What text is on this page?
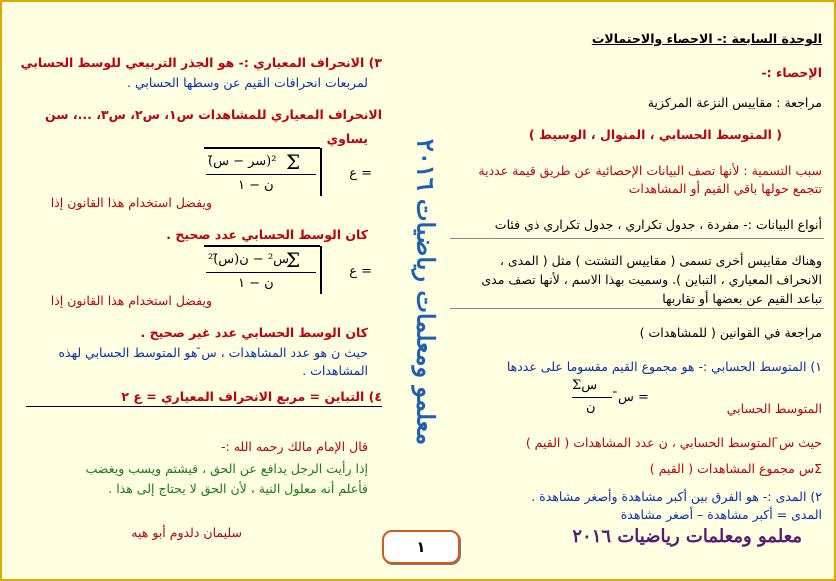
الوحدة السابعة :- الاحصاء والاحتمالات
الإحصاء :-
مراجعة : مقاييس النزعة المركزية
( المتوسط الحسابي ، المنوال ، الوسيط )
سبب التسمية : لأنها تصف البيانات الإحصائية عن طريق قيمة عددية
تتجمع حولها باقي القيم أو المشاهدات
أنواع البيانات :- مفردة ، جدول تكراري ، جدول تكراري ذي فئات
وهناك مقاييس أخرى تسمى ( مقاييس التشتت ) مثل ( المدى ،
الانحراف المعياري ، التباين ). وسميت بهذا الاسم ، لأنها تصف مدى
تباعد القيم عن بعضها أو تقاربها
مراجعة في القوانين ( للمشاهدات )
١) المتوسط الحسابي :- هو مجموع القيم مقسوما على عددها
المتوسط الحسابي
حيث س̄ المتوسط الحسابي ، ن عدد المشاهدات ( القيم )
Σس مجموع المشاهدات ( القيم )
٢) المدى :- هو الفرق بين أكبر مشاهدة وأصغر مشاهدة .
المدى = أكبر مشاهدة – أصغر مشاهدة
معلمو ومعلمات رياضيات ٢٠١٦
س̄ =
Σس
ن
٣) الانحراف المعياري :- هو الجذر التربيعي للوسط الحسابي
لمربعات انحرافات القيم عن وسطها الحسابي .
الانحراف المعياري للمشاهدات س١، س٢، س٣، ...، سن
يساوي
ويفضل استخدام هذا القانون إذا
كان الوسط الحسابي عدد صحيح .
ويفضل استخدام هذا القانون إذا
كان الوسط الحسابي عدد غير صحيح .
حيث ن هو عدد المشاهدات ، س̄ هو المتوسط الحسابي لهذه
المشاهدات .
٤) التباين = مربع الانحراف المعياري = ع ٢
قال الإمام مالك رحمه الله :-
إذا رأيت الرجل يدافع عن الحق ، فيشتم ويسب ويغضب
فأعلم أنه معلول النية ، لأن الحق لا يحتاج إلى هذا .
سليمان دلدوم أبو هيه
ع =
Σ
(سر − س̄)²
ن − ١
ع =
Σ
س² − ن(س̄)²
ن − ١
معلمو ومعلمات رياضيات ٢٠١٦
١
